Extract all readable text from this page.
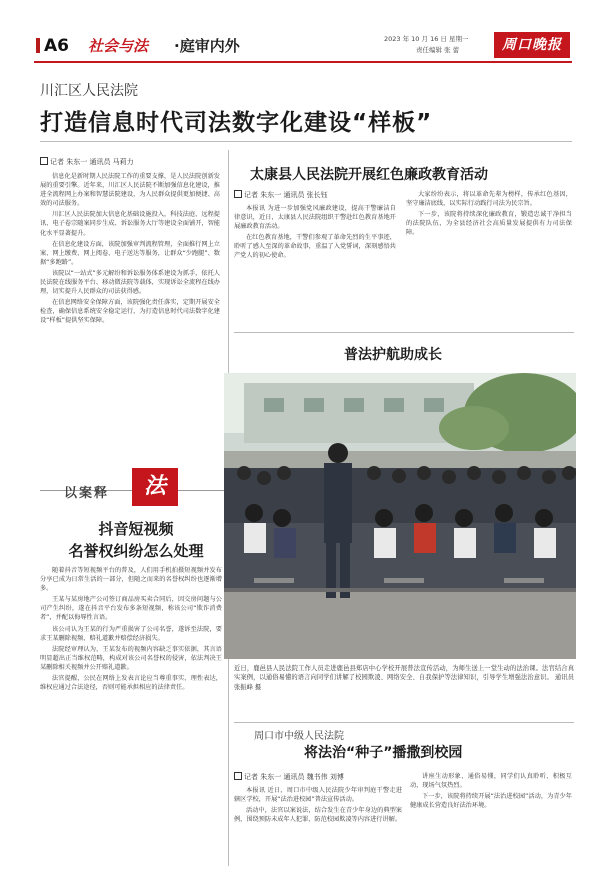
A6 社会与法 ·庭审内外	2023 年 10 月 16 日 星期一
责任编辑 张 蕾	周口晚报
川汇区人民法院
打造信息时代司法数字化建设“样板”
记者 朱东一 通讯员 马莉力

信息化是新时期人民法院工作的重要支撑，是人民法院创新发展的重要引擎。近年来，川汇区人民法院不断加强信息化建设，推进全流程网上办案和智慧法院建设，为人民群众提供更加便捷、高效的司法服务。

川汇区人民法院加大信息化基础设施投入，科技法庭、远程提讯、电子卷宗随案同步生成、诉讼服务大厅等建设全面铺开，智能化水平显著提升。

在信息化建设方面，该院加强审判流程管理，全面推行网上立案、网上缴费、网上阅卷、电子送达等服务，让群众“少跑腿”、数据“多跑路”。

该院以“一站式”多元解纷和诉讼服务体系建设为抓手，依托人民法院在线服务平台、移动微法院等载体，实现诉讼全流程在线办理，切实提升人民群众的司法获得感。

在信息网络安全保障方面，该院强化责任落实，定期开展安全检查，确保信息系统安全稳定运行，为打造信息时代司法数字化建设“样板”提供坚实保障。

太康县人民法院开展红色廉政教育活动
记者 朱东一 通讯员 张长钰

本报讯 为进一步加强党风廉政建设，提高干警廉洁自律意识，近日，太康县人民法院组织干警赴红色教育基地开展廉政教育活动。

在红色教育基地，干警们参观了革命先烈的生平事迹，聆听了感人至深的革命故事，重温了入党誓词，深刻感悟共产党人的初心使命。

大家纷纷表示，将以革命先辈为榜样，传承红色基因，坚守廉洁底线，以实际行动践行司法为民宗旨。

下一步，该院将持续深化廉政教育，锻造忠诚干净担当的法院队伍，为全县经济社会高质量发展提供有力司法保障。

以案释	法
抖音短视频
名誉权纠纷怎么处理

随着抖音等短视频平台的普及，人们用手机拍摄短视频并发布分享已成为日常生活的一部分，但随之而来的名誉权纠纷也逐渐增多。

王某与某房地产公司签订商品房买卖合同后，因交房问题与公司产生纠纷，遂在抖音平台发布多条短视频，称该公司“欺诈消费者”，并配以侮辱性言语。

该公司认为王某的行为严重损害了公司名誉，遂诉至法院，要求王某删除视频、赔礼道歉并赔偿经济损失。

法院经审理认为，王某发布的视频内容缺乏事实依据，其言语明显超出正当维权范畴，构成对该公司名誉权的侵害，依法判决王某删除相关视频并公开赔礼道歉。

法官提醒，公民在网络上发表言论应当尊重事实、理性表达，维权应通过合法途径，否则可能承担相应的法律责任。

普法护航助成长
近日，鹿邑县人民法院工作人员走进鹿邑县郑店中心学校开展普法宣传活动，为师生送上一堂生动的法治课。法官结合真实案例，以通俗易懂的语言向同学们讲解了校园欺凌、网络安全、自我保护等法律知识，引导学生增强法治意识。 通讯员 张振峰 摄
周口市中级人民法院
将法治“种子”播撒到校园
记者 朱东一 通讯员 魏书伟 刘博

本报讯 近日，周口市中级人民法院少年审判庭干警走进辖区学校，开展“法治进校园”普法宣传活动。

活动中，法官以案说法，结合发生在青少年身边的典型案例，围绕预防未成年人犯罪、防范校园欺凌等内容进行讲解。

讲座生动形象、通俗易懂，同学们认真聆听、积极互动，现场气氛热烈。

下一步，该院将持续开展“法治进校园”活动，为青少年健康成长营造良好法治环境。
